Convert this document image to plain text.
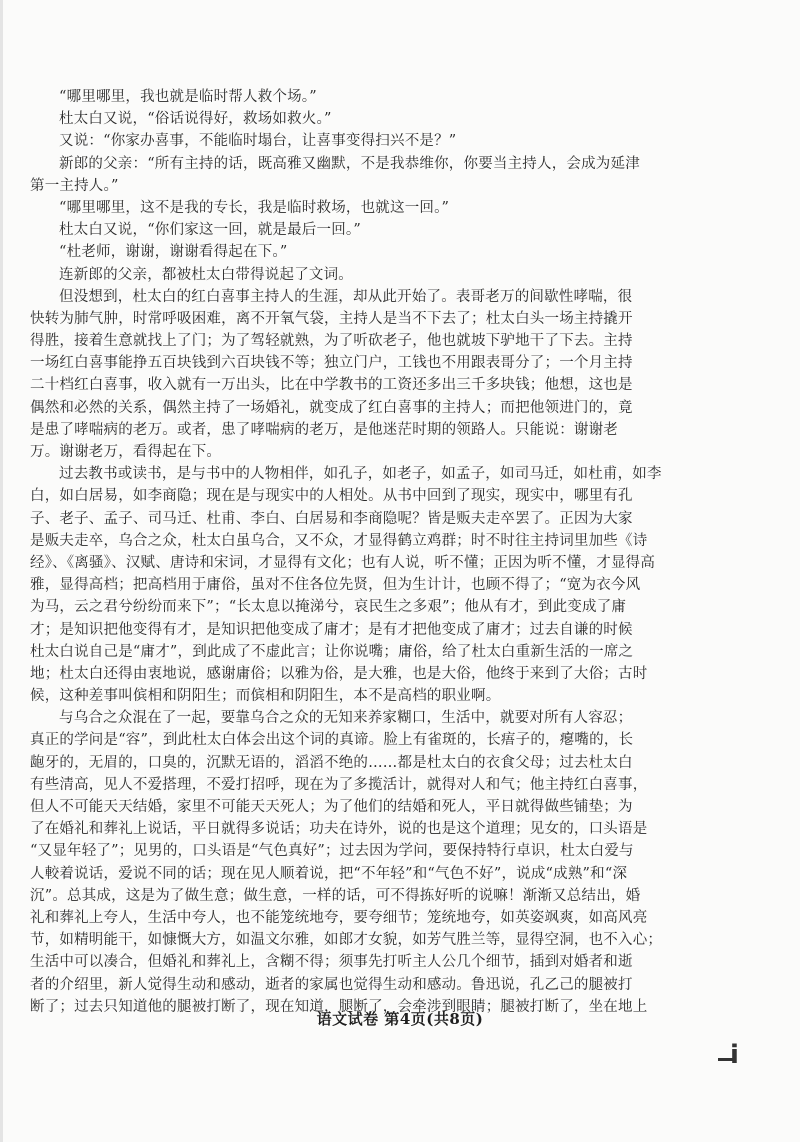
“哪里哪里，我也就是临时帮人救个场。”
杜太白又说，“俗话说得好，救场如救火。”
又说：“你家办喜事，不能临时塌台，让喜事变得扫兴不是？”
新郎的父亲：“所有主持的话，既高雅又幽默，不是我恭维你，你要当主持人，会成为延津
第一主持人。”
“哪里哪里，这不是我的专长，我是临时救场，也就这一回。”
杜太白又说，“你们家这一回，就是最后一回。”
“杜老师，谢谢，谢谢看得起在下。”
连新郎的父亲，都被杜太白带得说起了文词。
但没想到，杜太白的红白喜事主持人的生涯，却从此开始了。表哥老万的间歇性哮喘，很
快转为肺气肿，时常呼吸困难，离不开氧气袋，主持人是当不下去了；杜太白头一场主持撬开
得胜，接着生意就找上了门；为了驾轻就熟，为了听砍老子，他也就坡下驴地干了下去。主持
一场红白喜事能挣五百块钱到六百块钱不等；独立门户，工钱也不用跟表哥分了；一个月主持
二十档红白喜事，收入就有一万出头，比在中学教书的工资还多出三千多块钱；他想，这也是
偶然和必然的关系，偶然主持了一场婚礼，就变成了红白喜事的主持人；而把他领进门的，竟
是患了哮喘病的老万。或者，患了哮喘病的老万，是他迷茫时期的领路人。只能说：谢谢老
万。谢谢老万，看得起在下。
过去教书或读书，是与书中的人物相伴，如孔子，如老子，如孟子，如司马迁，如杜甫，如李
白，如白居易，如李商隐；现在是与现实中的人相处。从书中回到了现实，现实中，哪里有孔
子、老子、孟子、司马迁、杜甫、李白、白居易和李商隐呢？皆是贩夫走卒罢了。正因为大家
是贩夫走卒，乌合之众，杜太白虽乌合，又不众，才显得鹤立鸡群；时不时往主持词里加些《诗
经》、《离骚》、汉赋、唐诗和宋词，才显得有文化；也有人说，听不懂；正因为听不懂，才显得高
雅，显得高档；把高档用于庸俗，虽对不住各位先贤，但为生计计，也顾不得了；“宽为衣今风
为马，云之君兮纷纷而来下”；“长太息以掩涕兮，哀民生之多艰”；他从有才，到此变成了庸
才；是知识把他变得有才，是知识把他变成了庸才；是有才把他变成了庸才；过去自谦的时候
杜太白说自己是“庸才”，到此成了不虚此言；让你说嘴；庸俗，给了杜太白重新生活的一席之
地；杜太白还得由衷地说，感谢庸俗；以雅为俗，是大雅，也是大俗，他终于来到了大俗；古时
候，这种差事叫傧相和阴阳生；而傧相和阴阳生，本不是高档的职业啊。
与乌合之众混在了一起，要靠乌合之众的无知来养家糊口，生活中，就要对所有人容忍；
真正的学问是“容”，到此杜太白体会出这个词的真谛。脸上有雀斑的，长痦子的，瘪嘴的，长
龅牙的，无眉的，口臭的，沉默无语的，滔滔不绝的……都是杜太白的衣食父母；过去杜太白
有些清高，见人不爱搭理，不爱打招呼，现在为了多揽活计，就得对人和气；他主持红白喜事，
但人不可能天天结婚，家里不可能天天死人；为了他们的结婚和死人，平日就得做些铺垫；为
了在婚礼和葬礼上说话，平日就得多说话；功夫在诗外，说的也是这个道理；见女的，口头语是
“又显年轻了”；见男的，口头语是“气色真好”；过去因为学问，要保持特行卓识，杜太白爱与
人較着说话，爱说不同的话；现在见人顺着说，把“不年轻”和“气色不好”，说成“成熟”和“深
沉”。总其成，这是为了做生意；做生意，一样的话，可不得拣好听的说嘛！渐渐又总结出，婚
礼和葬礼上夸人，生活中夸人，也不能笼统地夸，要夸细节；笼统地夸，如英姿飒爽，如高风亮
节，如精明能干，如慷慨大方，如温文尔雅，如郎才女貌，如芳气胜兰等，显得空洞，也不入心；
生活中可以凑合，但婚礼和葬礼上，含糊不得；须事先打听主人公几个细节，插到对婚者和逝
者的介绍里，新人觉得生动和感动，逝者的家属也觉得生动和感动。鲁迅说，孔乙己的腿被打
断了；过去只知道他的腿被打断了，现在知道，腿断了，会牵涉到眼睛；腿被打断了，坐在地上
语文试卷 第4页(共8页)
i
